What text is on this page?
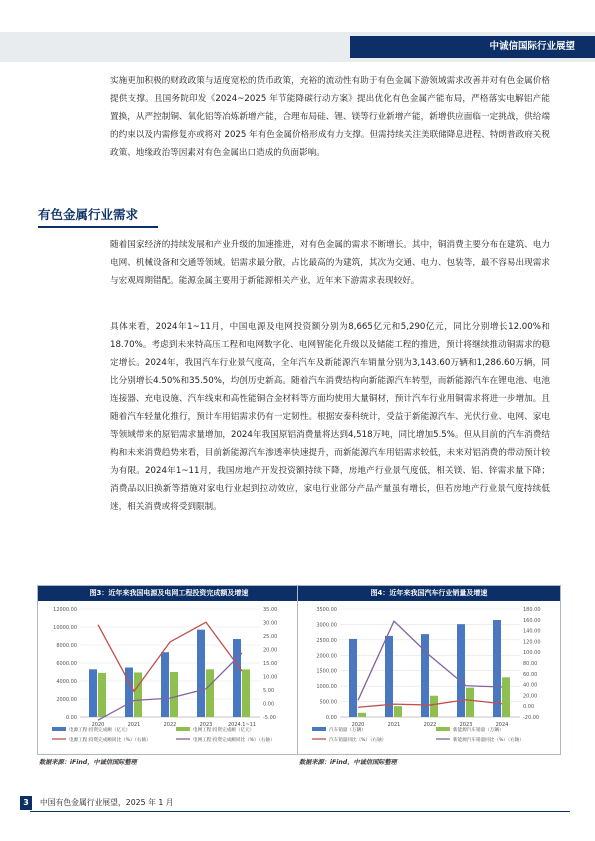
中诚信国际行业展望

实施更加积极的财政政策与适度宽松的货币政策，充裕的流动性有助于有色金属下游领域需求改善并对有色金属价格提供支撑。且国务院印发《2024~2025 年节能降碳行动方案》提出优化有色金属产能布局，严格落实电解铝产能置换，从严控制铜、氧化铝等冶炼新增产能，合理布局硅、锂、镁等行业新增产能，新增供应面临一定挑战，供给端的约束以及内需修复亦或将对 2025 年有色金属价格形成有力支撑。但需持续关注美联储降息进程、特朗普政府关税政策、地缘政治等因素对有色金属出口造成的负面影响。

有色金属行业需求

随着国家经济的持续发展和产业升级的加速推进，对有色金属的需求不断增长。其中，铜消费主要分布在建筑、电力电网、机械设备和交通等领域。铝需求最分散，占比最高的为建筑，其次为交通、电力、包装等，最不容易出现需求与宏观周期错配。能源金属主要用于新能源相关产业，近年来下游需求表现较好。

具体来看，2024年1~11月，中国电源及电网投资额分别为8,665亿元和5,290亿元，同比分别增长12.00%和18.70%。考虑到未来特高压工程和电网数字化、电网智能化升级以及储能工程的推进，预计将继续推动铜需求的稳定增长。2024年，我国汽车行业景气度高，全年汽车及新能源汽车销量分别为3,143.60万辆和1,286.60万辆，同比分别增长4.50%和35.50%，均创历史新高。随着汽车消费结构向新能源汽车转型，而新能源汽车在锂电池、电池连接器、充电设施、汽车线束和高性能铜合金材料等方面均使用大量铜材，预计汽车行业用铜需求将进一步增加。且随着汽车轻量化推行，预计车用铝需求仍有一定韧性。根据安泰科统计，受益于新能源汽车、光伏行业、电网、家电等领域带来的原铝需求量增加，2024年我国原铝消费量将达到4,518万吨，同比增加5.5%。但从目前的汽车消费结构和未来消费趋势来看，目前新能源汽车渗透率快速提升，而新能源汽车用铝需求较低，未来对铝消费的带动预计较为有限。2024年1~11月，我国房地产开发投资额持续下降，房地产行业景气度低，相关镁、铝、锌需求量下降；消费品以旧换新等措施对家电行业起到拉动效应，家电行业部分产品产量虽有增长，但若房地产行业景气度持续低迷，相关消费或将受到限制。

图3：近年来我国电源及电网工程投资完成额及增速
0.00
2000.00
4000.00
6000.00
8000.00
10000.00
12000.00
-5.00
0.00
5.00
10.00
15.00
20.00
25.00
30.00
35.00
2020	2021	2022	2023	2024.1~11
电源工程:投资完成额（亿元）	电网工程:投资完成额（亿元）
电源工程:投资完成额同比（%）（右轴）	电网工程:投资完成额同比（%）（右轴）
数据来源：iFind，中诚信国际整理
图4：近年来我国汽车行业销量及增速
0.00
500.00
1000.00
1500.00
2000.00
2500.00
3000.00
3500.00
-20.00
0.00
20.00
40.00
60.00
80.00
100.00
120.00
140.00
160.00
180.00
2020	2021	2022	2023	2024
汽车销量（万辆）	新能源汽车销量（万辆）
汽车销量同比（%）（右轴）	新能源汽车销量同比（%）（右轴）
数据来源：iFind，中诚信国际整理
3	中国有色金属行业展望，2025 年 1 月
